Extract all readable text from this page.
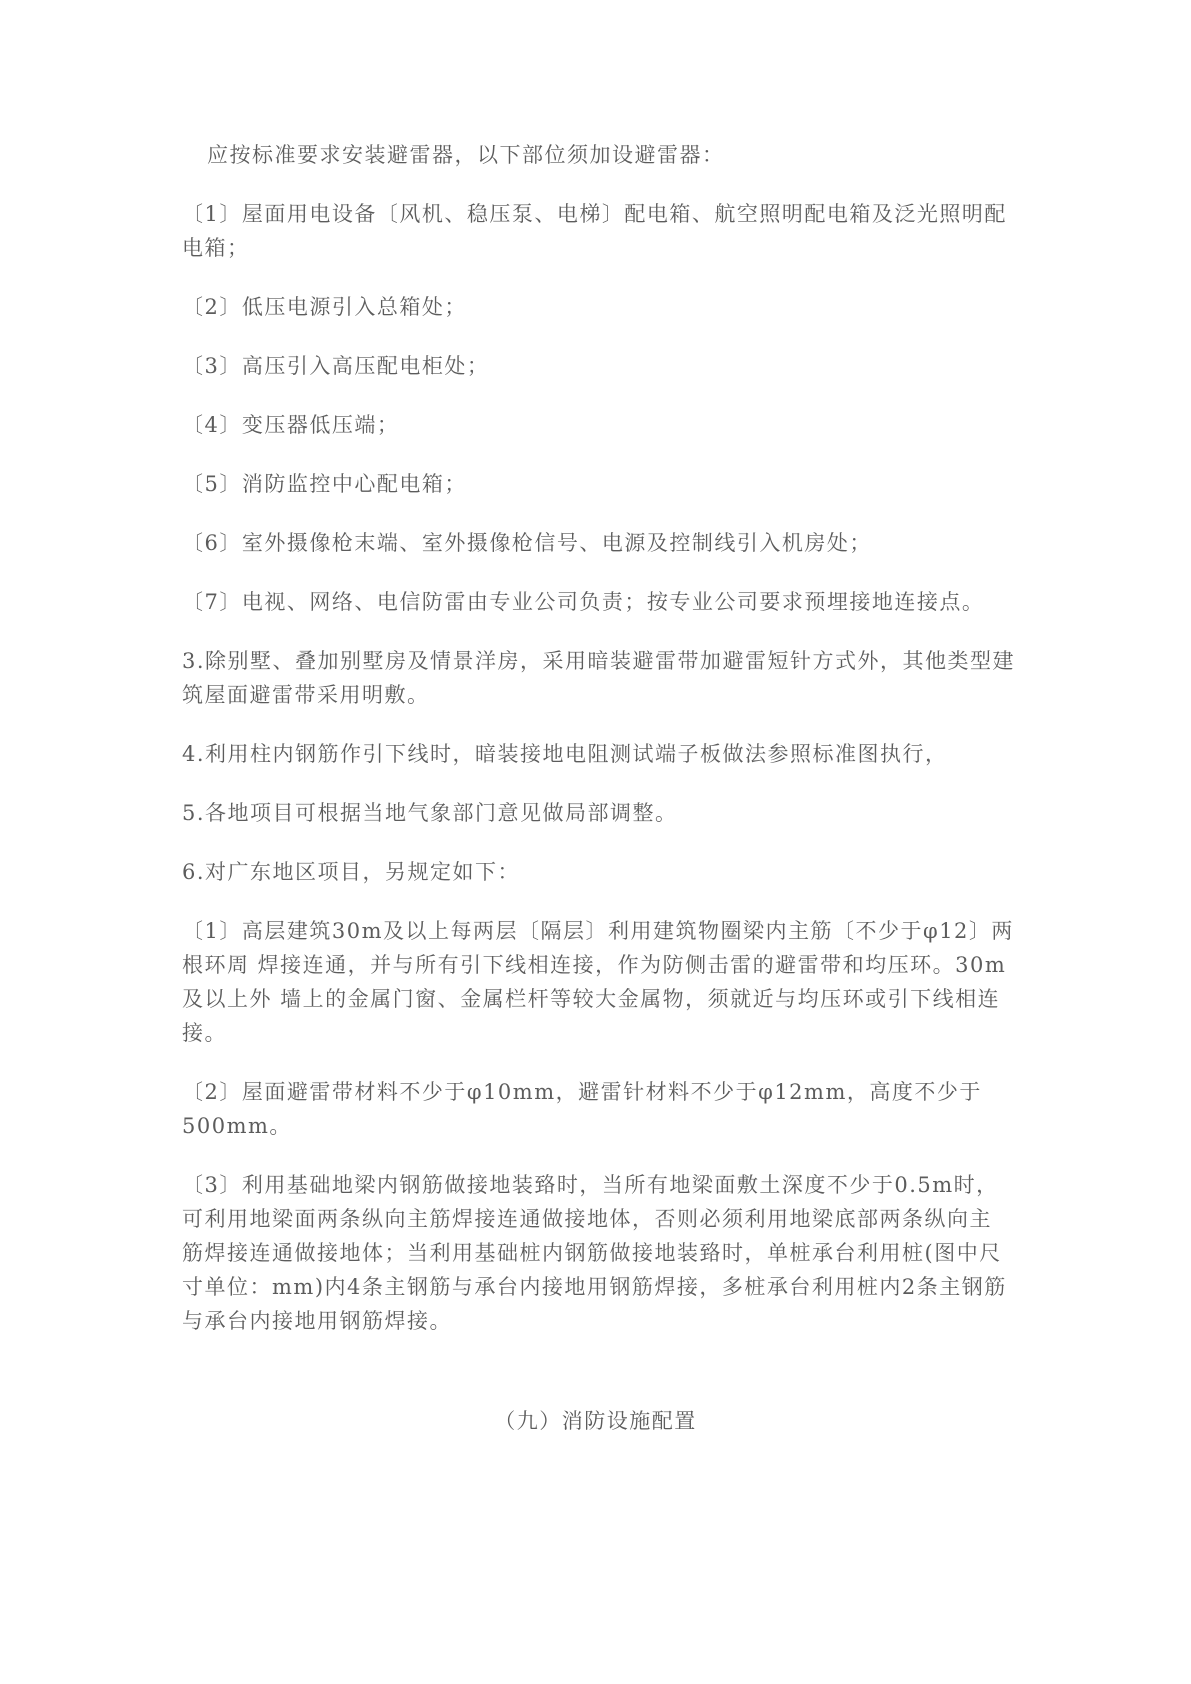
应按标准要求安装避雷器，以下部位须加设避雷器：

〔1〕屋面用电设备〔风机、稳压泵、电梯〕配电箱、航空照明配电箱及泛光照明配电箱；

〔2〕低压电源引入总箱处；

〔3〕高压引入高压配电柜处；

〔4〕变压器低压端；

〔5〕消防监控中心配电箱；

〔6〕室外摄像枪末端、室外摄像枪信号、电源及控制线引入机房处；

〔7〕电视、网络、电信防雷由专业公司负责；按专业公司要求预埋接地连接点。

3.除别墅、叠加别墅房及情景洋房，采用暗装避雷带加避雷短针方式外，其他类型建筑屋面避雷带采用明敷。

4.利用柱内钢筋作引下线时，暗装接地电阻测试端子板做法参照标准图执行，

5.各地项目可根据当地气象部门意见做局部调整。

6.对广东地区项目，另规定如下：

〔1〕高层建筑30m及以上每两层〔隔层〕利用建筑物圈梁内主筋〔不少于φ12〕两根环周 焊接连通，并与所有引下线相连接，作为防侧击雷的避雷带和均压环。30m及以上外 墙上的金属门窗、金属栏杆等较大金属物，须就近与均压环或引下线相连接。

〔2〕屋面避雷带材料不少于φ10mm，避雷针材料不少于φ12mm，高度不少于500mm。

〔3〕利用基础地梁内钢筋做接地装臵时，当所有地梁面敷土深度不少于0.5m时，可利用地梁面两条纵向主筋焊接连通做接地体，否则必须利用地梁底部两条纵向主 筋焊接连通做接地体；当利用基础桩内钢筋做接地装臵时，单桩承台利用桩(图中尺寸单位：mm)内4条主钢筋与承台内接地用钢筋焊接，多桩承台利用桩内2条主钢筋与承台内接地用钢筋焊接。

（九）消防设施配置
